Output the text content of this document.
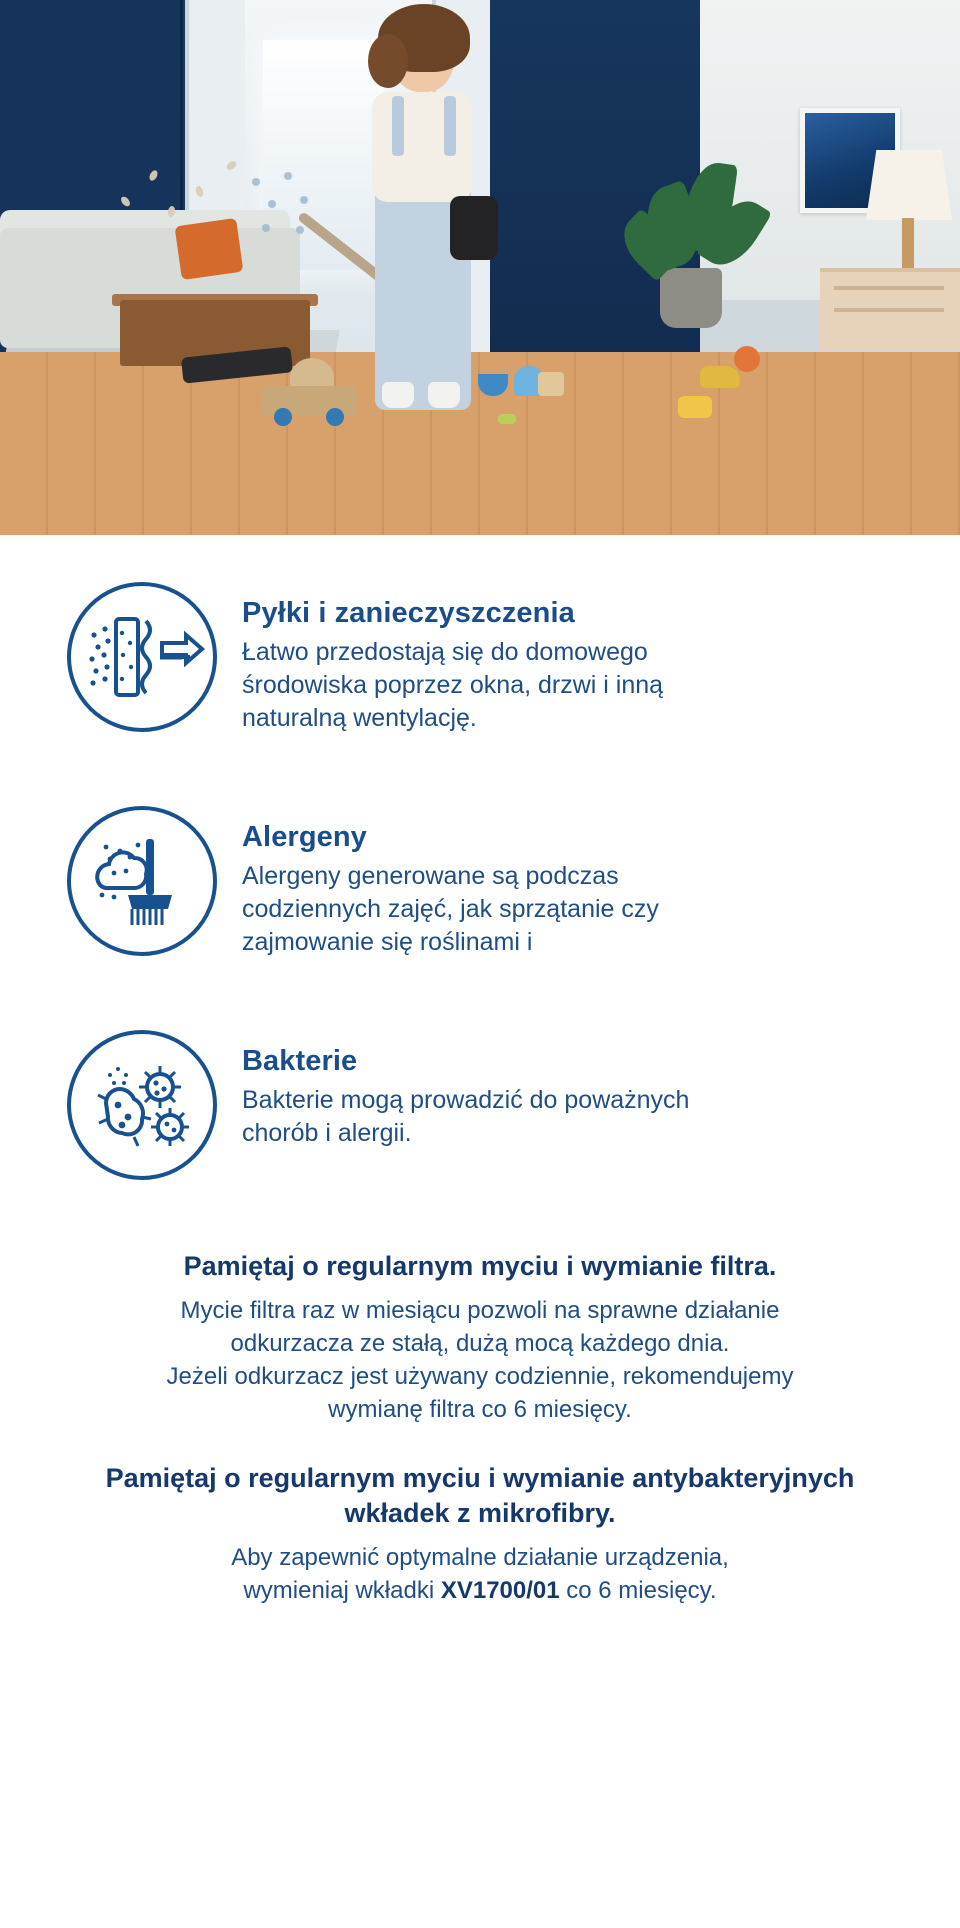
Pyłki i zanieczyszczenia

Łatwo przedostają się do domowego środowiska poprzez okna, drzwi i inną naturalną wentylację.

Alergeny

Alergeny generowane są podczas codziennych zajęć, jak sprzątanie czy zajmowanie się roślinami i

Bakterie

Bakterie mogą prowadzić do poważnych chorób i alergii.

Pamiętaj o regularnym myciu i wymianie filtra.

Mycie filtra raz w miesiącu pozwoli na sprawne działanie

odkurzacza ze stałą, dużą mocą każdego dnia.

Jeżeli odkurzacz jest używany codziennie, rekomendujemy

wymianę filtra co 6 miesięcy.

Pamiętaj o regularnym myciu i wymianie antybakteryjnych wkładek z mikrofibry.

Aby zapewnić optymalne działanie urządzenia,

wymieniaj wkładki XV1700/01 co 6 miesięcy.
